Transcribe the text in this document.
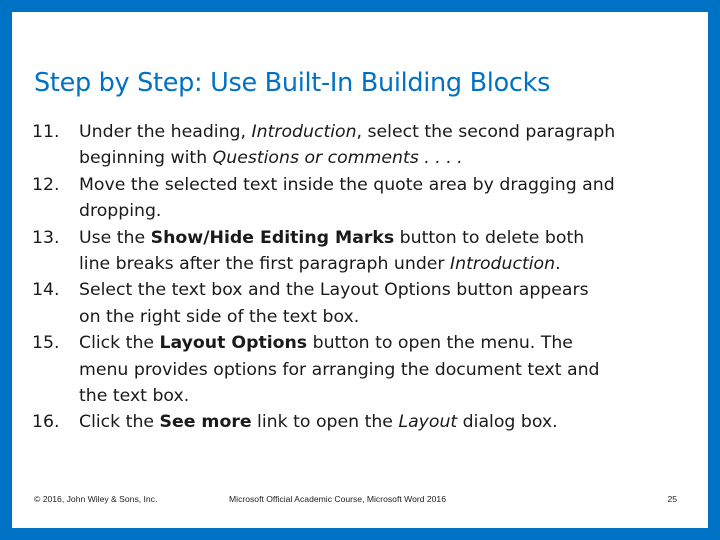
Step by Step: Use Built-In Building Blocks
11. Under the heading, Introduction, select the second paragraph
beginning with Questions or comments . . . .
12. Move the selected text inside the quote area by dragging and
dropping.
13. Use the Show/Hide Editing Marks button to delete both
line breaks after the first paragraph under Introduction.
14. Select the text box and the Layout Options button appears
on the right side of the text box.
15. Click the Layout Options button to open the menu. The
menu provides options for arranging the document text and
the text box.
16. Click the See more link to open the Layout dialog box.
© 2016, John Wiley & Sons, Inc.	Microsoft Official Academic Course, Microsoft Word 2016	25
